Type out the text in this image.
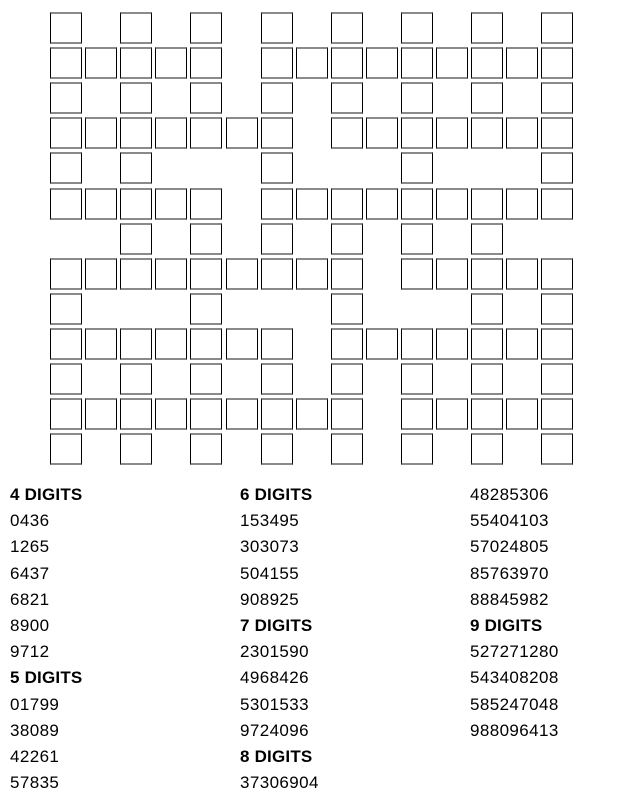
4 DIGITS
0436
1265
6437
6821
8900
9712
5 DIGITS
01799
38089
42261
57835
6 DIGITS
153495
303073
504155
908925
7 DIGITS
2301590
4968426
5301533
9724096
8 DIGITS
37306904
48285306
55404103
57024805
85763970
88845982
9 DIGITS
527271280
543408208
585247048
988096413
